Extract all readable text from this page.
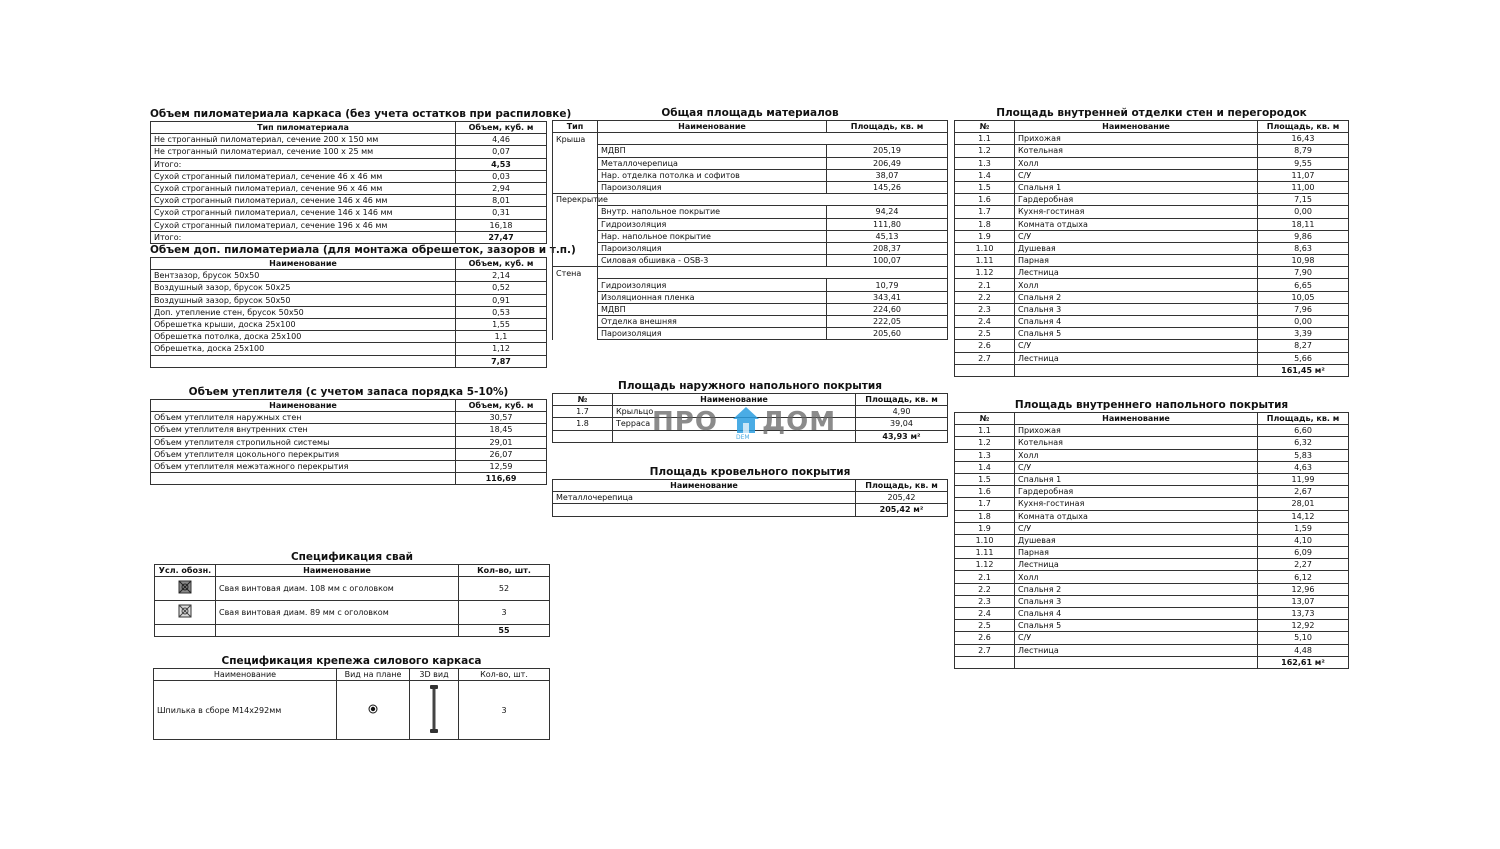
Объем пиломатериала каркаса (без учета остатков при распиловке)
Тип пиломатериала	Объем, куб. м
Не строганный пиломатериал, сечение 200 х 150 мм	4,46
Не строганный пиломатериал, сечение 100 х 25 мм	0,07
Итого:	4,53
Сухой строганный пиломатериал, сечение 46 х 46 мм	0,03
Сухой строганный пиломатериал, сечение 96 х 46 мм	2,94
Сухой строганный пиломатериал, сечение 146 х 46 мм	8,01
Сухой строганный пиломатериал, сечение 146 х 146 мм	0,31
Сухой строганный пиломатериал, сечение 196 х 46 мм	16,18
Итого:	27,47
Объем доп. пиломатериала (для монтажа обрешеток, зазоров и т.п.)
Наименование	Объем, куб. м
Вентзазор, брусок 50х50	2,14
Воздушный зазор, брусок 50х25	0,52
Воздушный зазор, брусок 50х50	0,91
Доп. утепление стен, брусок 50х50	0,53
Обрешетка крыши, доска 25х100	1,55
Обрешетка потолка, доска 25х100	1,1
Обрешетка, доска 25х100	1,12
	7,87
Объем утеплителя (с учетом запаса порядка 5-10%)
Наименование	Объем, куб. м
Объем утеплителя наружных стен	30,57
Объем утеплителя внутренних стен	18,45
Объем утеплителя стропильной системы	29,01
Объем утеплителя цокольного перекрытия	26,07
Объем утеплителя межэтажного перекрытия	12,59
	116,69
Спецификация свай
Усл. обозн.	Наименование	Кол-во, шт.
	Свая винтовая диам. 108 мм с оголовком	52
	Свая винтовая диам. 89 мм с оголовком	3
		55
Спецификация крепежа силового каркаса
Наименование	Вид на плане	3D вид	Кол-во, шт.
Шпилька в сборе М14х292мм			3
Общая площадь материалов
Тип	Наименование	Площадь, кв. м
Крыша		
	МДВП	205,19
	Металлочерепица	206,49
	Нар. отделка потолка и софитов	38,07
	Пароизоляция	145,26
Перекрытие		
	Внутр. напольное покрытие	94,24
	Гидроизоляция	111,80
	Нар. напольное покрытие	45,13
	Пароизоляция	208,37
	Силовая обшивка - OSB-3	100,07
Стена		
	Гидроизоляция	10,79
	Изоляционная пленка	343,41
	МДВП	224,60
	Отделка внешняя	222,05
	Пароизоляция	205,60
Площадь наружного напольного покрытия
№	Наименование	Площадь, кв. м
1.7	Крыльцо	4,90
1.8	Терраса	39,04
		43,93 м²
Площадь кровельного покрытия
Наименование	Площадь, кв. м
Металлочерепица	205,42
	205,42 м²
Площадь внутренней отделки стен и перегородок
№	Наименование	Площадь, кв. м
1.1	Прихожая	16,43
1.2	Котельная	8,79
1.3	Холл	9,55
1.4	С/У	11,07
1.5	Спальня 1	11,00
1.6	Гардеробная	7,15
1.7	Кухня-гостиная	0,00
1.8	Комната отдыха	18,11
1.9	С/У	9,86
1.10	Душевая	8,63
1.11	Парная	10,98
1.12	Лестница	7,90
2.1	Холл	6,65
2.2	Спальня 2	10,05
2.3	Спальня 3	7,96
2.4	Спальня 4	0,00
2.5	Спальня 5	3,39
2.6	С/У	8,27
2.7	Лестница	5,66
		161,45 м²
Площадь внутреннего напольного покрытия
№	Наименование	Площадь, кв. м
1.1	Прихожая	6,60
1.2	Котельная	6,32
1.3	Холл	5,83
1.4	С/У	4,63
1.5	Спальня 1	11,99
1.6	Гардеробная	2,67
1.7	Кухня-гостиная	28,01
1.8	Комната отдыха	14,12
1.9	С/У	1,59
1.10	Душевая	4,10
1.11	Парная	6,09
1.12	Лестница	2,27
2.1	Холл	6,12
2.2	Спальня 2	12,96
2.3	Спальня 3	13,07
2.4	Спальня 4	13,73
2.5	Спальня 5	12,92
2.6	С/У	5,10
2.7	Лестница	4,48
		162,61 м²
ПРО ДОМ
DEM
